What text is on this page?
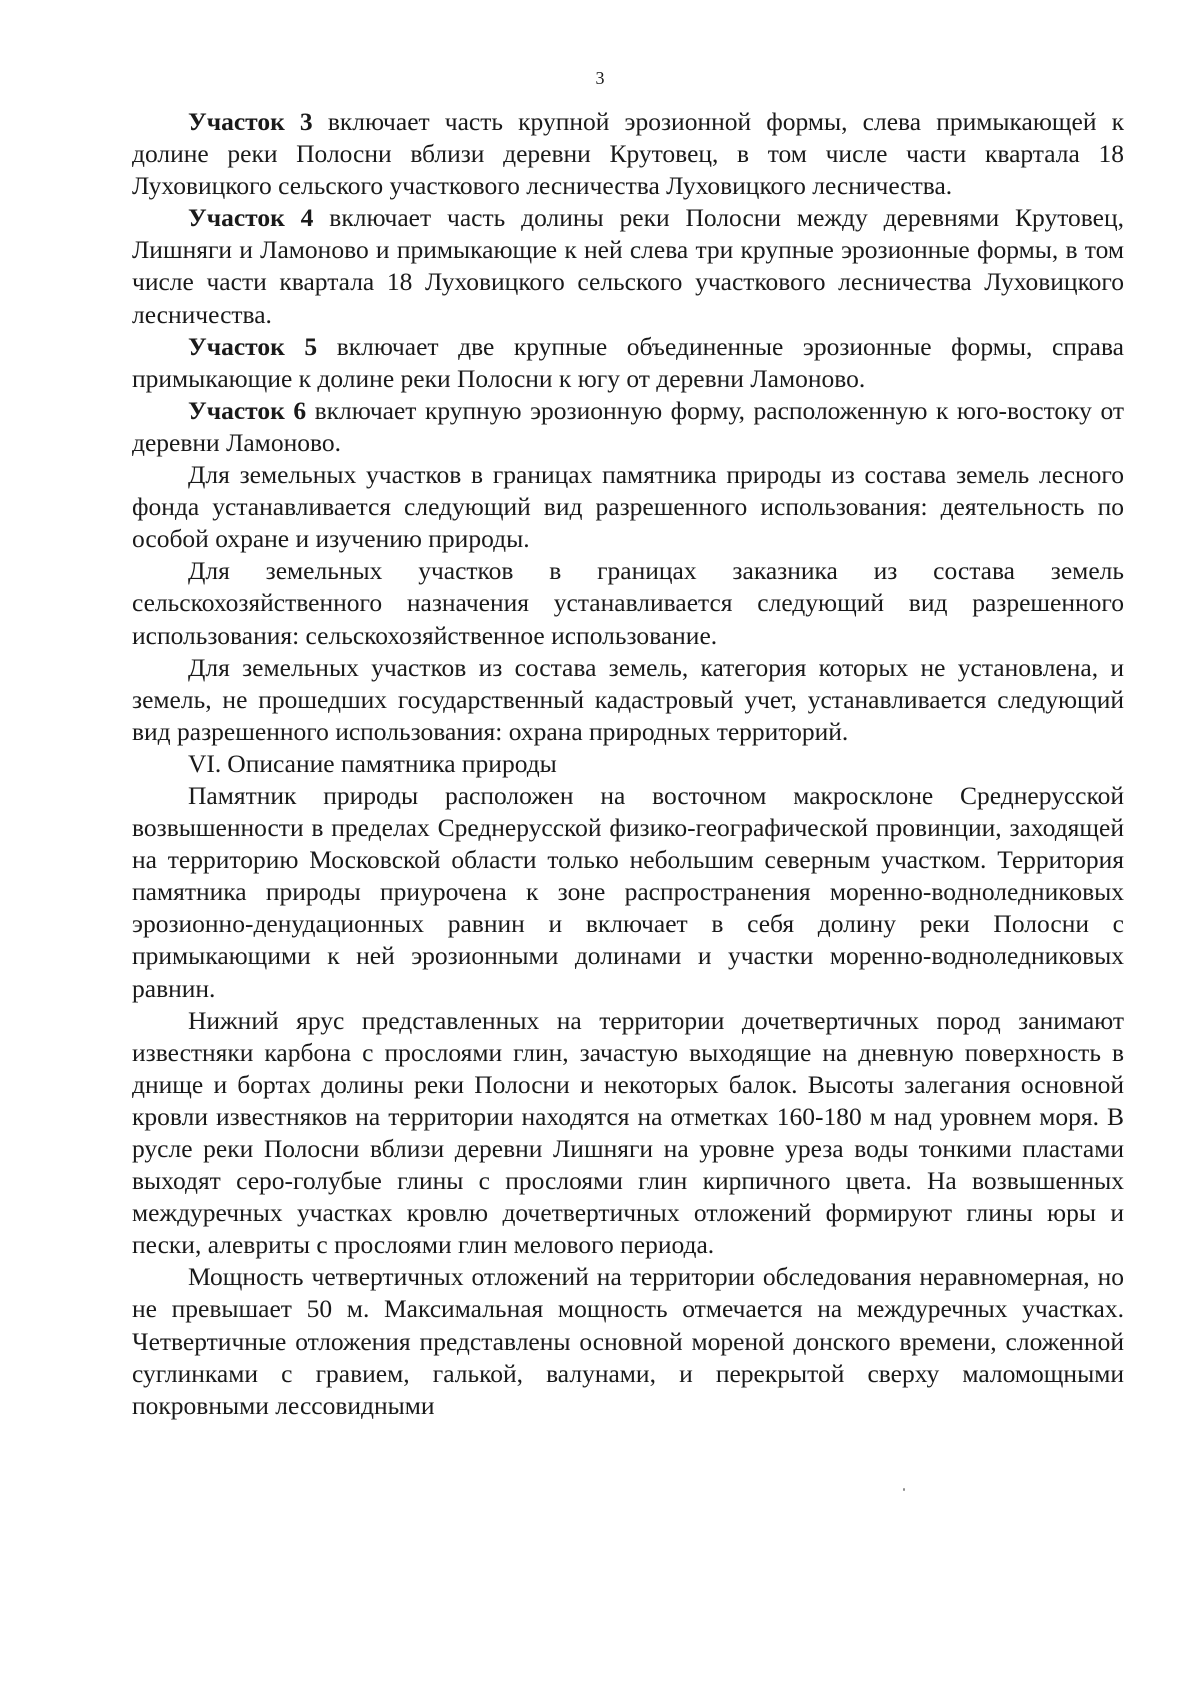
3

Участок 3 включает часть крупной эрозионной формы, слева примыкающей к долине реки Полосни вблизи деревни Крутовец, в том числе части квартала 18 Луховицкого сельского участкового лесничества Луховицкого лесничества.

Участок 4 включает часть долины реки Полосни между деревнями Крутовец, Лишняги и Ламоново и примыкающие к ней слева три крупные эрозионные формы, в том числе части квартала 18 Луховицкого сельского участкового лесничества Луховицкого лесничества.

Участок 5 включает две крупные объединенные эрозионные формы, справа примыкающие к долине реки Полосни к югу от деревни Ламоново.

Участок 6 включает крупную эрозионную форму, расположенную к юго-востоку от деревни Ламоново.

Для земельных участков в границах памятника природы из состава земель лесного фонда устанавливается следующий вид разрешенного использования: деятельность по особой охране и изучению природы.

Для земельных участков в границах заказника из состава земель сельскохозяйственного назначения устанавливается следующий вид разрешенного использования: сельскохозяйственное использование.

Для земельных участков из состава земель, категория которых не установлена, и земель, не прошедших государственный кадастровый учет, устанавливается следующий вид разрешенного использования: охрана природных территорий.

VI. Описание памятника природы

Памятник природы расположен на восточном макросклоне Среднерусской возвышенности в пределах Среднерусской физико-географической провинции, заходящей на территорию Московской области только небольшим северным участком. Территория памятника природы приурочена к зоне распространения моренно-водноледниковых эрозионно-денудационных равнин и включает в себя долину реки Полосни с примыкающими к ней эрозионными долинами и участки моренно-водноледниковых равнин.

Нижний ярус представленных на территории дочетвертичных пород занимают известняки карбона с прослоями глин, зачастую выходящие на дневную поверхность в днище и бортах долины реки Полосни и некоторых балок. Высоты залегания основной кровли известняков на территории находятся на отметках 160-180 м над уровнем моря. В русле реки Полосни вблизи деревни Лишняги на уровне уреза воды тонкими пластами выходят серо-голубые глины с прослоями глин кирпичного цвета. На возвышенных междуречных участках кровлю дочетвертичных отложений формируют глины юры и пески, алевриты с прослоями глин мелового периода.

Мощность четвертичных отложений на территории обследования неравномерная, но не превышает 50 м. Максимальная мощность отмечается на междуречных участках. Четвертичные отложения представлены основной мореной донского времени, сложенной суглинками с гравием, галькой, валунами, и перекрытой сверху маломощными покровными лессовидными
